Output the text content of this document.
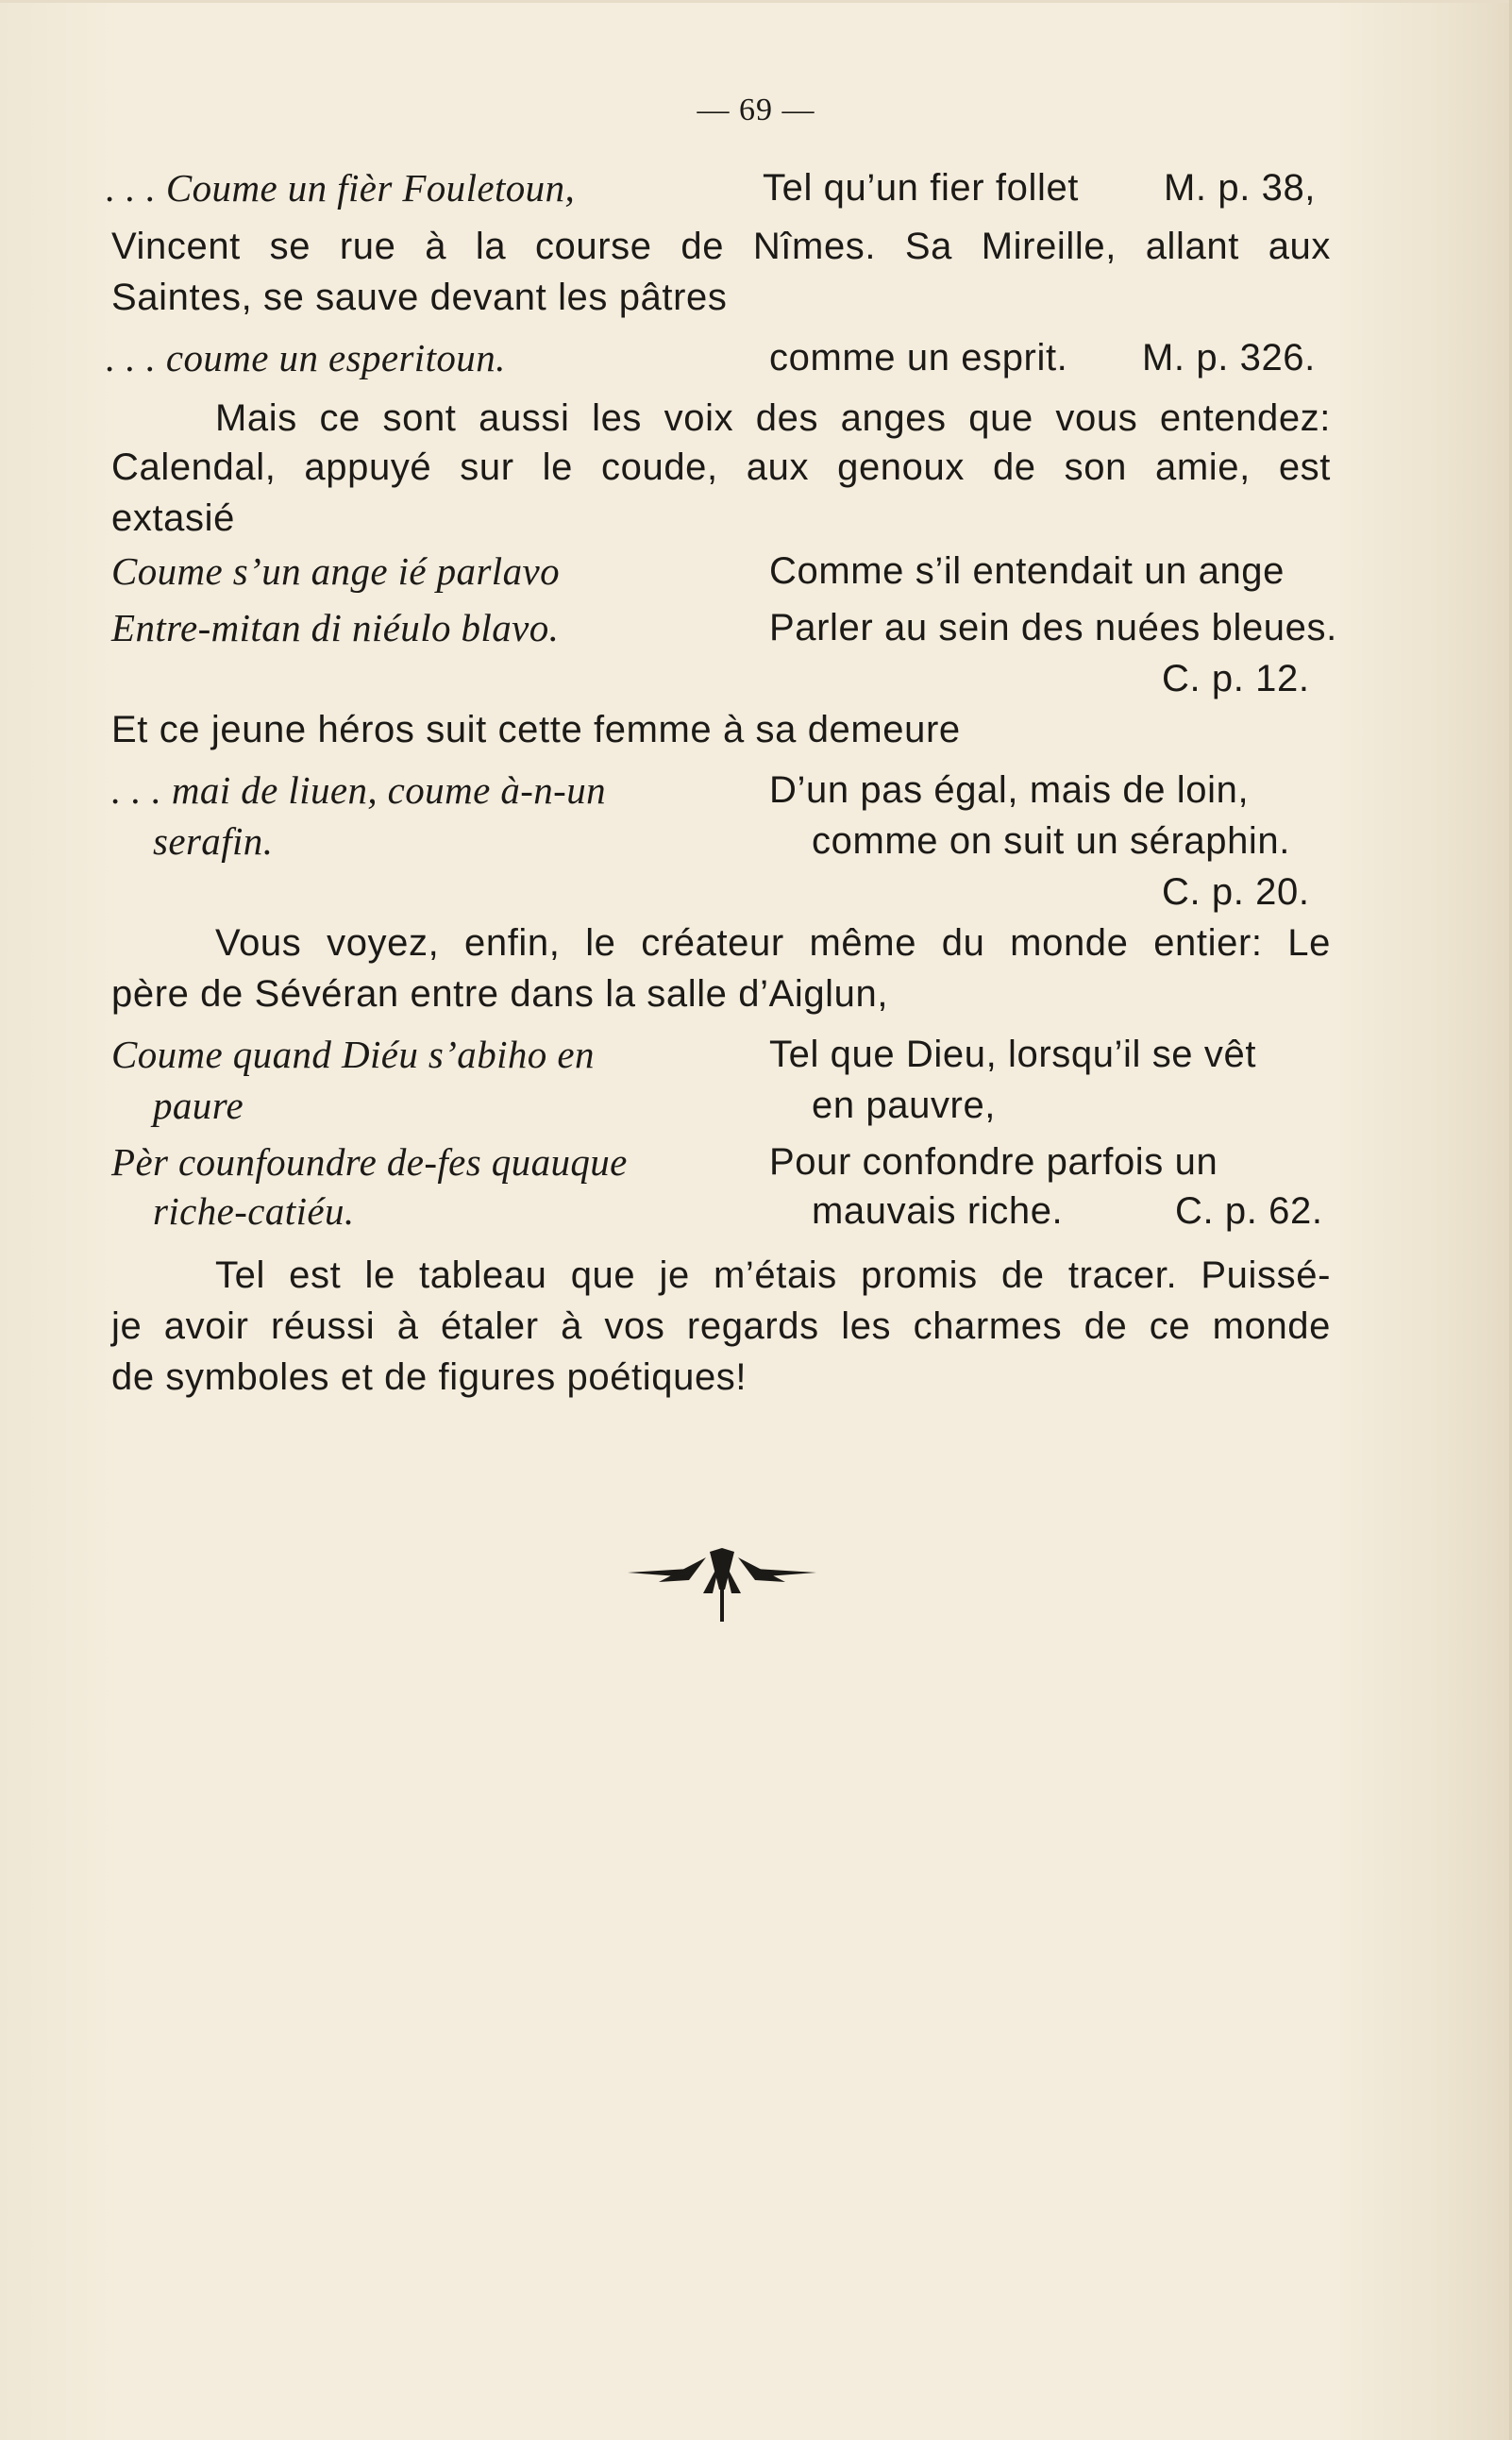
— 69 —
. . . Coume un fièr Fouletoun,	Tel qu’un fier follet M. p. 38,
Vincent se rue à la course de Nîmes. Sa Mireille, allant aux
Saintes, se sauve devant les pâtres
. . . coume un esperitoun.	comme un esprit. M. p. 326.
Mais ce sont aussi les voix des anges que vous entendez:
Calendal, appuyé sur le coude, aux genoux de son amie, est
extasié
Coume s’un ange ié parlavo	Comme s’il entendait un ange
Entre-mitan di niéulo blavo.	Parler au sein des nuées bleues.
C. p. 12.
Et ce jeune héros suit cette femme à sa demeure
. . . mai de liuen, coume à-n-un	D’un pas égal, mais de loin,
serafin.	comme on suit un séraphin.
C. p. 20.
Vous voyez, enfin, le créateur même du monde entier: Le
père de Sévéran entre dans la salle d’Aiglun,
Coume quand Diéu s’abiho en	Tel que Dieu, lorsqu’il se vêt
paure	en pauvre,
Pèr counfoundre de-fes quauque	Pour confondre parfois un
riche-catiéu.	mauvais riche.	C. p. 62.
Tel est le tableau que je m’étais promis de tracer. Puissé-
je avoir réussi à étaler à vos regards les charmes de ce monde
de symboles et de figures poétiques!
